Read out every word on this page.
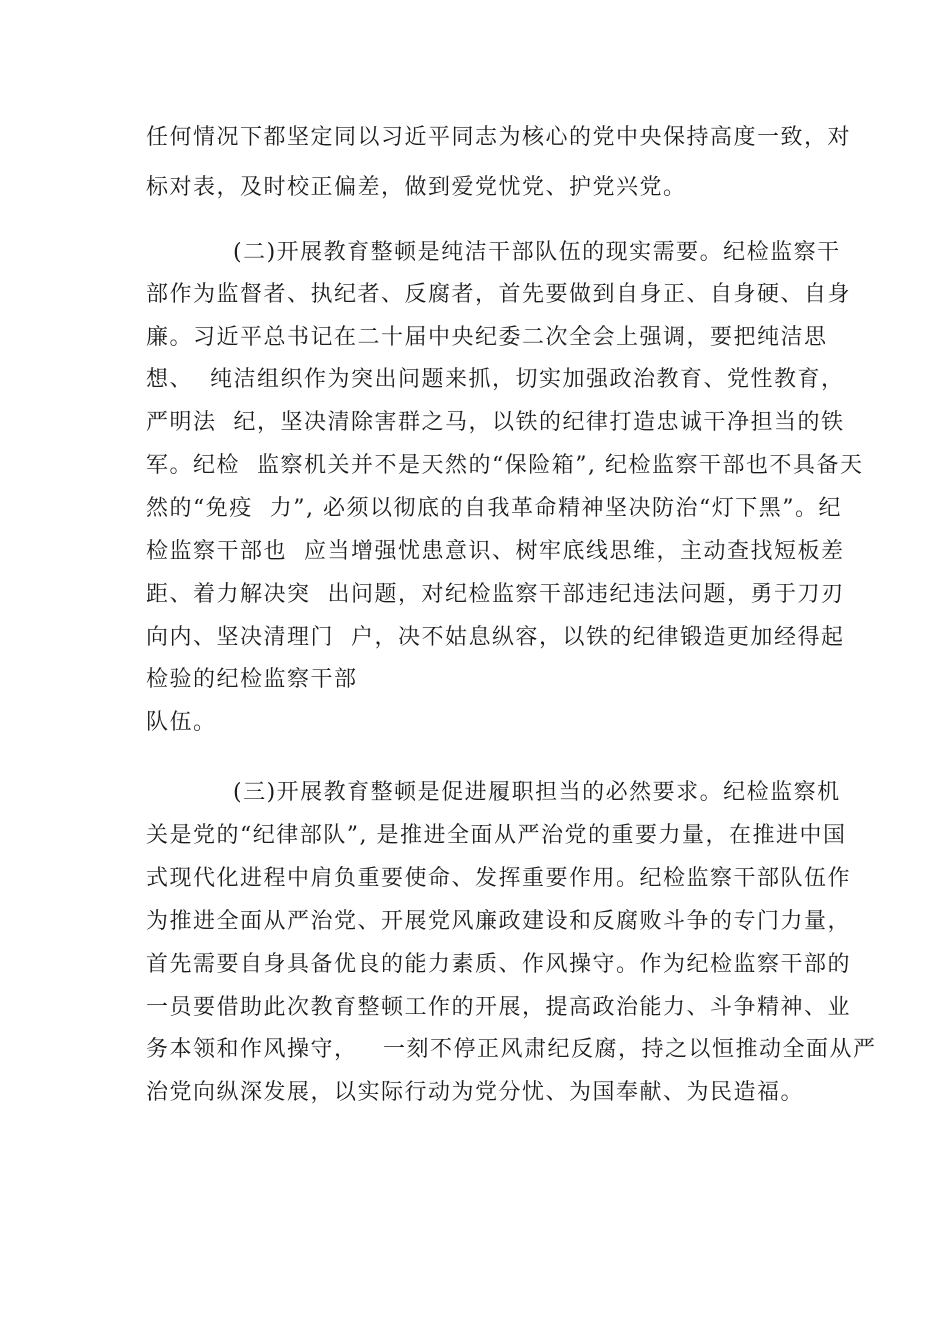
任何情况下都坚定同以习近平同志为核心的党中央保持高度一致，对
标对表，及时校正偏差，做到爱党忧党、护党兴党。
(二)开展教育整顿是纯洁干部队伍的现实需要。纪检监察干
部作为监督者、执纪者、反腐者，首先要做到自身正、自身硬、自身
廉。习近平总书记在二十届中央纪委二次全会上强调，要把纯洁思
想、  纯洁组织作为突出问题来抓，切实加强政治教育、党性教育，
严明法  纪，坚决清除害群之马，以铁的纪律打造忠诚干净担当的铁
军。纪检  监察机关并不是天然的“保险箱”, 纪检监察干部也不具备天
然的“免疫  力”, 必须以彻底的自我革命精神坚决防治“灯下黑”。纪
检监察干部也  应当增强忧患意识、树牢底线思维，主动查找短板差
距、着力解决突  出问题，对纪检监察干部违纪违法问题，勇于刀刃
向内、坚决清理门  户，决不姑息纵容，以铁的纪律锻造更加经得起
检验的纪检监察干部
队伍。
(三)开展教育整顿是促进履职担当的必然要求。纪检监察机
关是党的“纪律部队”, 是推进全面从严治党的重要力量，在推进中国
式现代化进程中肩负重要使命、发挥重要作用。纪检监察干部队伍作
为推进全面从严治党、开展党风廉政建设和反腐败斗争的专门力量，
首先需要自身具备优良的能力素质、作风操守。作为纪检监察干部的
一员要借助此次教育整顿工作的开展，提高政治能力、斗争精神、业
务本领和作风操守，   一刻不停正风肃纪反腐，持之以恒推动全面从严
治党向纵深发展，以实际行动为党分忧、为国奉献、为民造福。
